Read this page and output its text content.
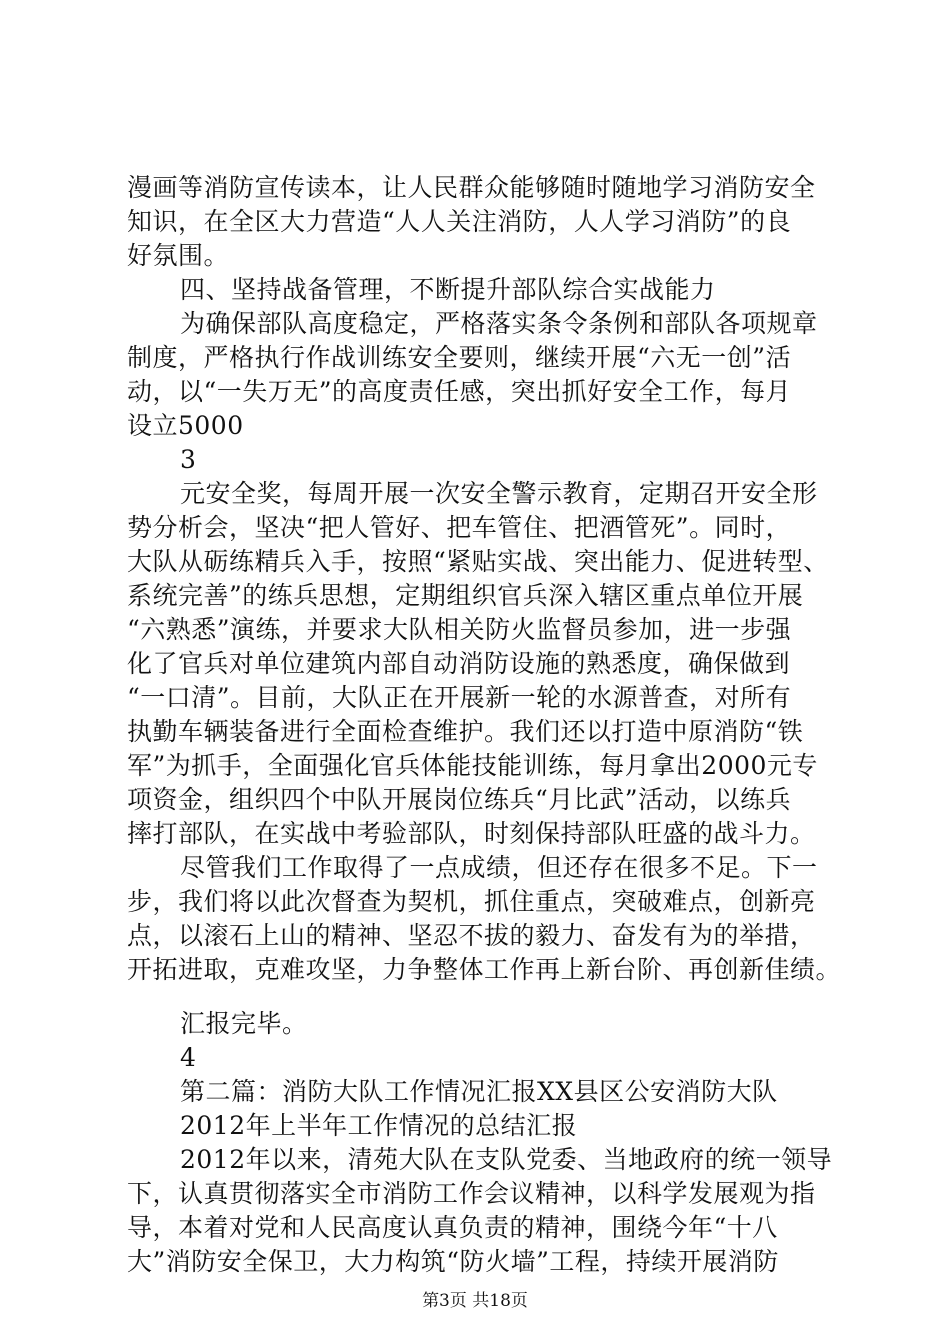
漫画等消防宣传读本，让人民群众能够随时随地学习消防安全
知识，在全区大力营造“人人关注消防，人人学习消防”的良
好氛围。
四、坚持战备管理，不断提升部队综合实战能力
为确保部队高度稳定，严格落实条令条例和部队各项规章
制度，严格执行作战训练安全要则，继续开展“六无一创”活
动，以“一失万无”的高度责任感，突出抓好安全工作，每月
设立5000
3
元安全奖，每周开展一次安全警示教育，定期召开安全形
势分析会，坚决“把人管好、把车管住、把酒管死”。同时，
大队从砺练精兵入手，按照“紧贴实战、突出能力、促进转型、
系统完善”的练兵思想，定期组织官兵深入辖区重点单位开展
“六熟悉”演练，并要求大队相关防火监督员参加，进一步强
化了官兵对单位建筑内部自动消防设施的熟悉度，确保做到
“一口清”。目前，大队正在开展新一轮的水源普查，对所有
执勤车辆装备进行全面检查维护。我们还以打造中原消防“铁
军”为抓手，全面强化官兵体能技能训练，每月拿出2000元专
项资金，组织四个中队开展岗位练兵“月比武”活动，以练兵
摔打部队，在实战中考验部队，时刻保持部队旺盛的战斗力。
尽管我们工作取得了一点成绩，但还存在很多不足。下一
步，我们将以此次督查为契机，抓住重点，突破难点，创新亮
点，以滚石上山的精神、坚忍不拔的毅力、奋发有为的举措，
开拓进取，克难攻坚，力争整体工作再上新台阶、再创新佳绩。
汇报完毕。
4
第二篇：消防大队工作情况汇报XX县区公安消防大队
2012年上半年工作情况的总结汇报
2012年以来，清苑大队在支队党委、当地政府的统一领导
下，认真贯彻落实全市消防工作会议精神，以科学发展观为指
导，本着对党和人民高度认真负责的精神，围绕今年“十八
大”消防安全保卫，大力构筑“防火墙”工程，持续开展消防
第3页 共18页
